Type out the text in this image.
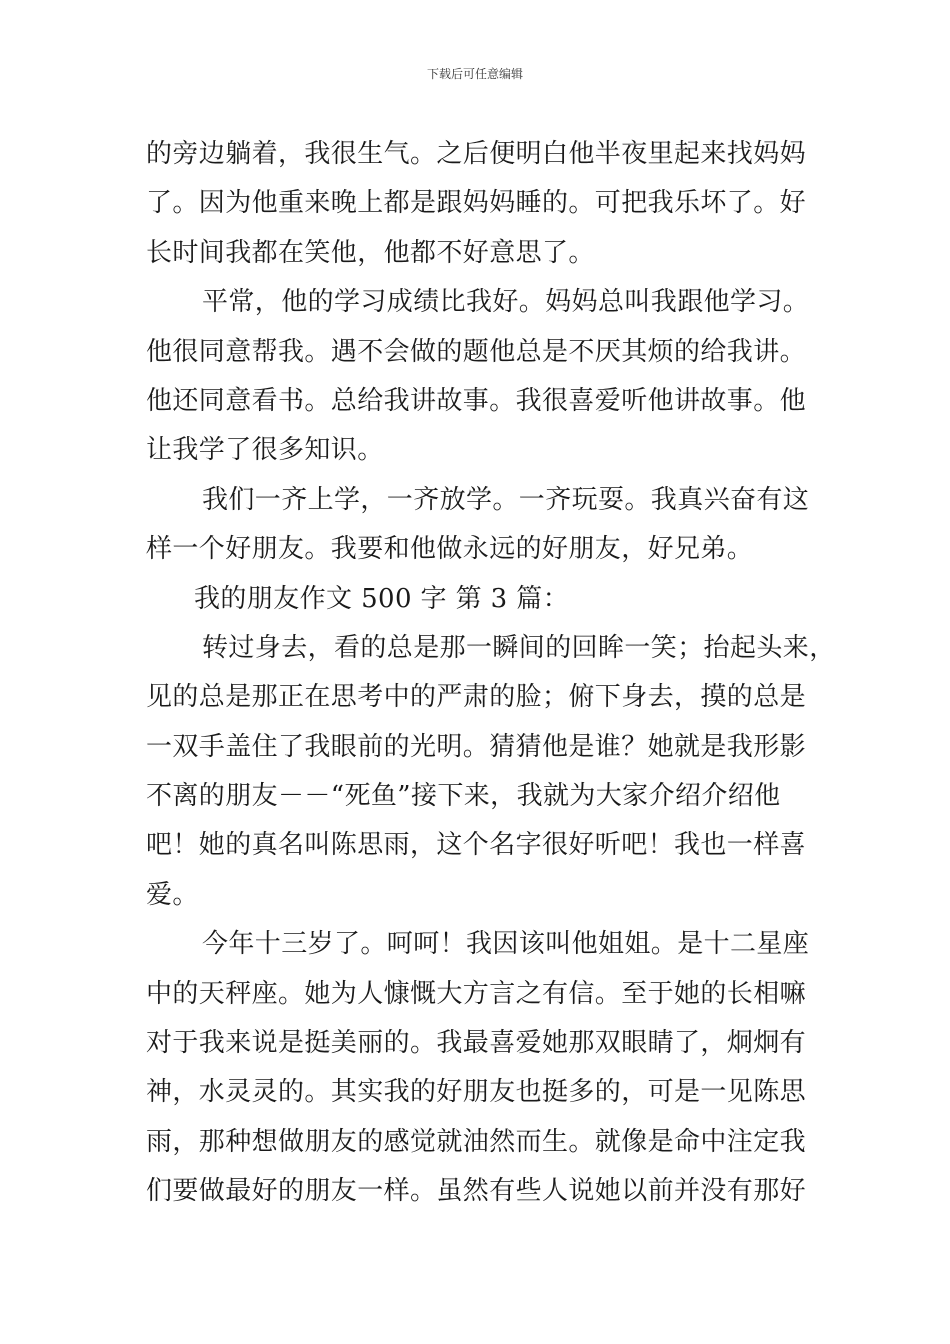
下载后可任意编辑
的旁边躺着，我很生气。之后便明白他半夜里起来找妈妈
了。因为他重来晚上都是跟妈妈睡的。可把我乐坏了。好
长时间我都在笑他，他都不好意思了。
平常，他的学习成绩比我好。妈妈总叫我跟他学习。
他很同意帮我。遇不会做的题他总是不厌其烦的给我讲。
他还同意看书。总给我讲故事。我很喜爱听他讲故事。他
让我学了很多知识。
我们一齐上学，一齐放学。一齐玩耍。我真兴奋有这
样一个好朋友。我要和他做永远的好朋友，好兄弟。
我的朋友作文 500 字 第 3 篇：
转过身去，看的总是那一瞬间的回眸一笑；抬起头来，
见的总是那正在思考中的严肃的脸；俯下身去，摸的总是
一双手盖住了我眼前的光明。猜猜他是谁？她就是我形影
不离的朋友－－“死鱼”接下来，我就为大家介绍介绍他
吧！她的真名叫陈思雨，这个名字很好听吧！我也一样喜
爱。
今年十三岁了。呵呵！我因该叫他姐姐。是十二星座
中的天秤座。她为人慷慨大方言之有信。至于她的长相嘛
对于我来说是挺美丽的。我最喜爱她那双眼睛了，炯炯有
神，水灵灵的。其实我的好朋友也挺多的，可是一见陈思
雨，那种想做朋友的感觉就油然而生。就像是命中注定我
们要做最好的朋友一样。虽然有些人说她以前并没有那好
